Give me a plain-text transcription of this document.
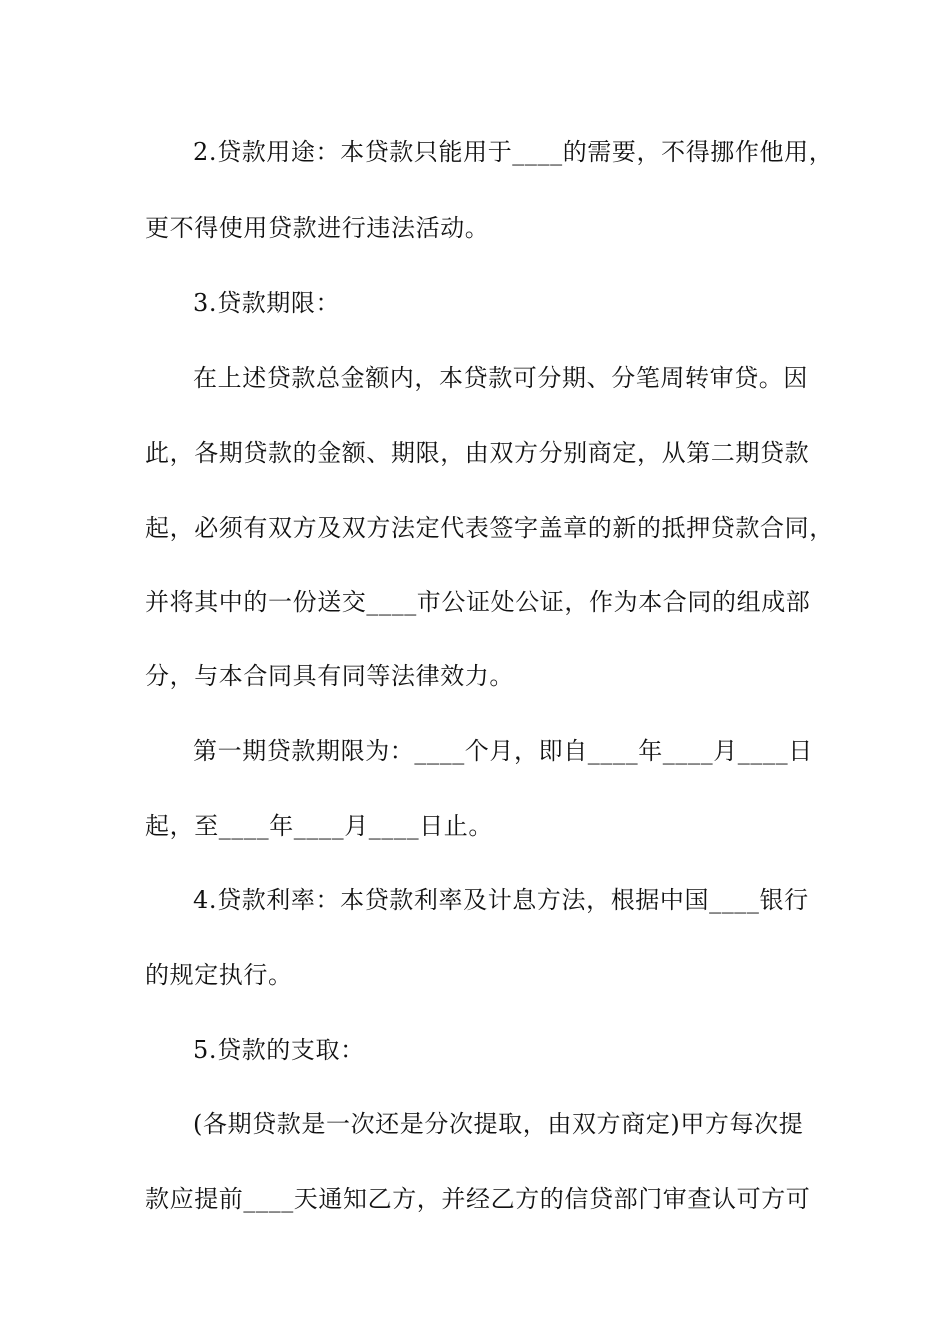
2.贷款用途：本贷款只能用于____的需要，不得挪作他用，
更不得使用贷款进行违法活动。
3.贷款期限：
在上述贷款总金额内，本贷款可分期、分笔周转审贷。因
此，各期贷款的金额、期限，由双方分别商定，从第二期贷款
起，必须有双方及双方法定代表签字盖章的新的抵押贷款合同，
并将其中的一份送交____市公证处公证，作为本合同的组成部
分，与本合同具有同等法律效力。
第一期贷款期限为：____个月，即自____年____月____日
起，至____年____月____日止。
4.贷款利率：本贷款利率及计息方法，根据中国____银行
的规定执行。
5.贷款的支取：
(各期贷款是一次还是分次提取，由双方商定)甲方每次提
款应提前____天通知乙方，并经乙方的信贷部门审查认可方可
